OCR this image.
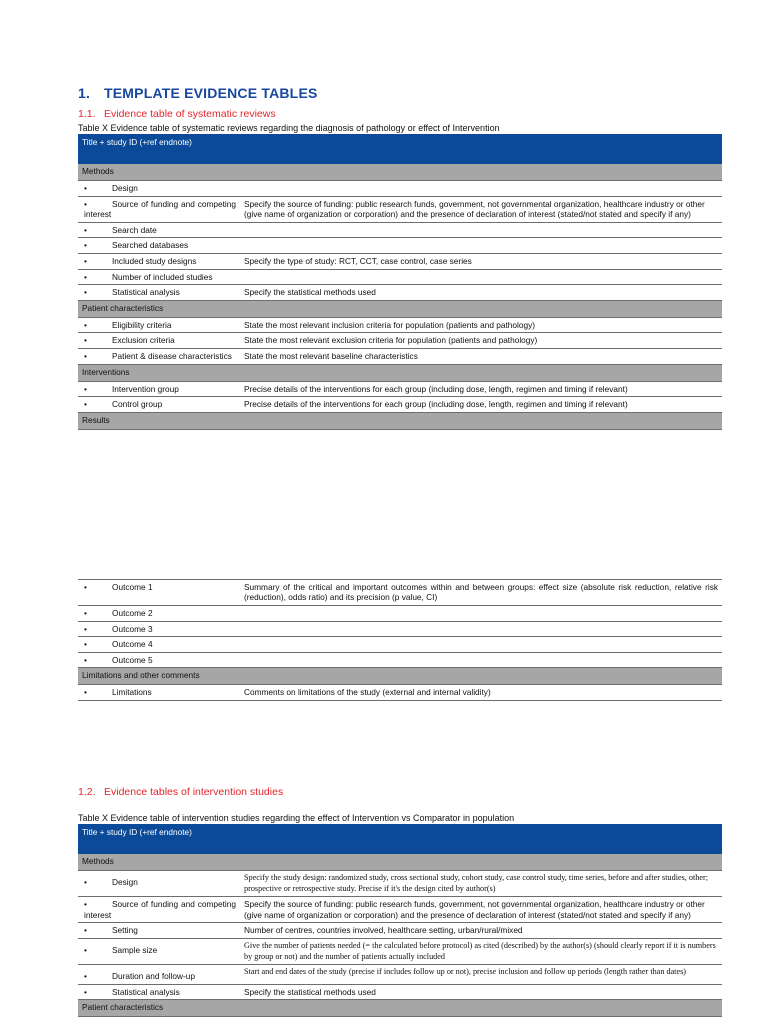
1. TEMPLATE EVIDENCE TABLES
1.1. Evidence table of systematic reviews
Table X Evidence table of systematic reviews regarding the diagnosis of pathology or effect of Intervention
Title + study ID (+ref endnote)	

Methods	
• Design	
• Source of funding and competing interest	Specify the source of funding: public research funds, government, not governmental organization, healthcare industry or other (give name of organization or corporation) and the presence of declaration of interest (stated/not stated and specify if any)
• Search date	
• Searched databases	
• Included study designs	Specify the type of study: RCT, CCT, case control, case series
• Number of included studies	
• Statistical analysis	Specify the statistical methods used
Patient characteristics	
• Eligibility criteria	State the most relevant inclusion criteria for population (patients and pathology)
• Exclusion criteria	State the most relevant exclusion criteria for population (patients and pathology)
• Patient & disease characteristics	State the most relevant baseline characteristics
Interventions	
• Intervention group	Precise details of the interventions for each group (including dose, length, regimen and timing if relevant)
• Control group	Precise details of the interventions for each group (including dose, length, regimen and timing if relevant)
Results	

• Outcome 1	Summary of the critical and important outcomes within and between groups: effect size (absolute risk reduction, relative risk (reduction), odds ratio) and its precision (p value, CI)
• Outcome 2	
• Outcome 3	
• Outcome 4	
• Outcome 5	
Limitations and other comments	
• Limitations	Comments on limitations of the study (external and internal validity)
1.2. Evidence tables of intervention studies
Table X Evidence table of intervention studies regarding the effect of Intervention vs Comparator in population
Title + study ID (+ref endnote)	

Methods	
• Design	Specify the study design: randomized study, cross sectional study, cohort study, case control study, time series, before and after studies, other; prospective or retrospective study. Precise if it's the design cited by author(s)
• Source of funding and competing interest	Specify the source of funding: public research funds, government, not governmental organization, healthcare industry or other (give name of organization or corporation) and the presence of declaration of interest (stated/not stated and specify if any)
• Setting	Number of centres, countries involved, healthcare setting, urban/rural/mixed
• Sample size	Give the number of patients needed (= the calculated before protocol) as cited (described) by the author(s) (should clearly report if it is numbers by group or not) and the number of patients actually included
• Duration and follow-up	Start and end dates of the study (precise if includes follow up or not), precise inclusion and follow up periods (length rather than dates)
• Statistical analysis	Specify the statistical methods used
Patient characteristics	
